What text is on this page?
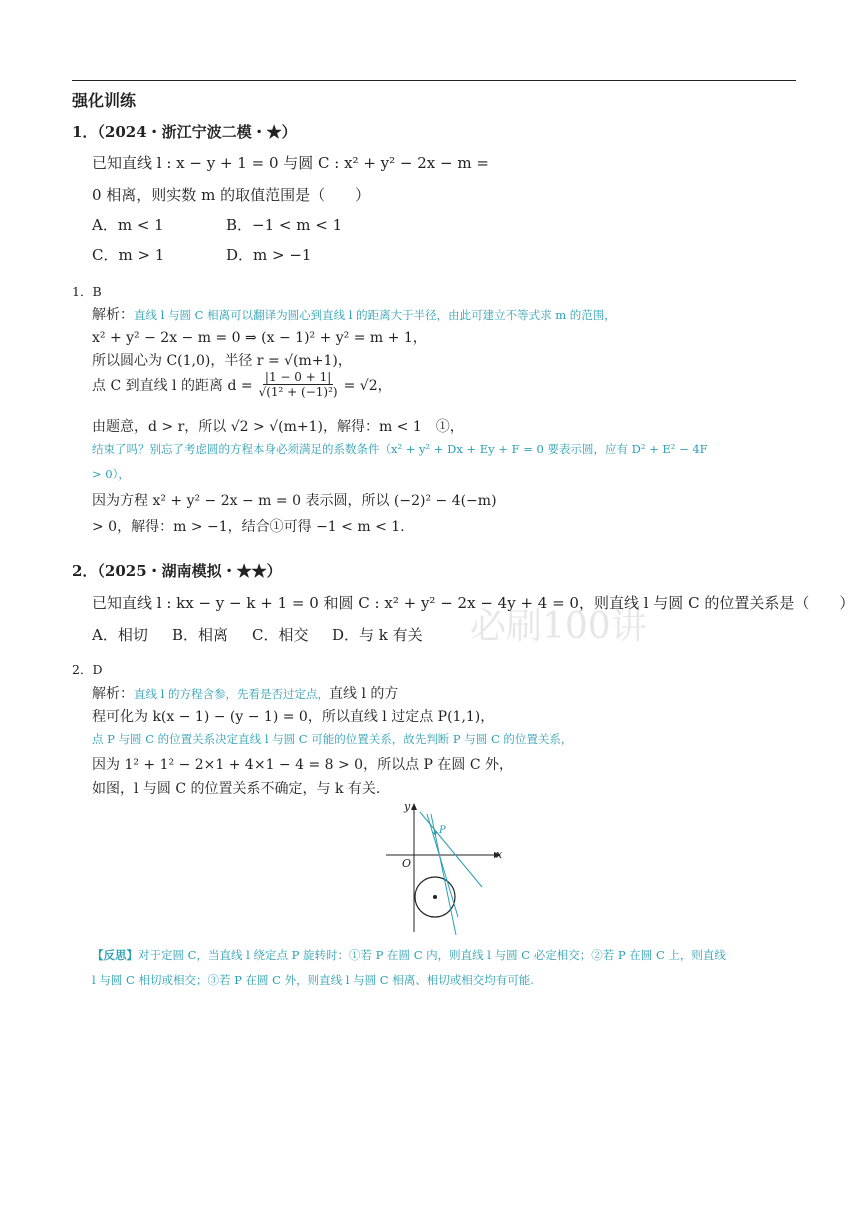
强化训练
1．（2024・浙江宁波二模・★）
已知直线 l : x − y + 1 = 0 与圆 C : x² + y² − 2x − m =
0 相离，则实数 m 的取值范围是（　　）
A．m < 1	B．−1 < m < 1
C．m > 1	D．m > −1
1．B
解析：直线 l 与圆 C 相离可以翻译为圆心到直线 l 的距离大于半径，由此可建立不等式求 m 的范围，
x² + y² − 2x − m = 0 ⇒ (x − 1)² + y² = m + 1，
所以圆心为 C(1,0)，半径 r = √(m+1)，
点 C 到直线 l 的距离 $d = \frac{|1 - 0 + 1|}{\text{√(1² + (−1)²)}} = √2$，
由题意，d > r，所以 √2 > √(m+1)，解得：m < 1　①，
结束了吗？别忘了考虑圆的方程本身必须满足的系数条件（x² + y² + Dx + Ey + F = 0 要表示圆，应有 D² + E² − 4F
> 0），
因为方程 x² + y² − 2x − m = 0 表示圆，所以 (−2)² − 4(−m)
> 0，解得：m > −1，结合①可得 −1 < m < 1.
2．（2025・湖南模拟・★★）
必刷100讲
已知直线 l : kx − y − k + 1 = 0 和圆 C : x² + y² − 2x − 4y + 4 = 0，则直线 l 与圆 C 的位置关系是（　　）
A．相切 B．相离 C．相交 D．与 k 有关
2．D
解析：直线 l 的方程含参，先看是否过定点，直线 l 的方
程可化为 k(x − 1) − (y − 1) = 0，所以直线 l 过定点 P(1,1)，
点 P 与圆 C 的位置关系决定直线 l 与圆 C 可能的位置关系，故先判断 P 与圆 C 的位置关系，
因为 1² + 1² − 2×1 + 4×1 − 4 = 8 > 0，所以点 P 在圆 C 外，
如图，l 与圆 C 的位置关系不确定，与 k 有关.
y
x
O
P
【反思】对于定圆 C，当直线 l 绕定点 P 旋转时：①若 P 在圆 C 内，则直线 l 与圆 C 必定相交；②若 P 在圆 C 上，则直线
l 与圆 C 相切或相交；③若 P 在圆 C 外，则直线 l 与圆 C 相离、相切或相交均有可能.
